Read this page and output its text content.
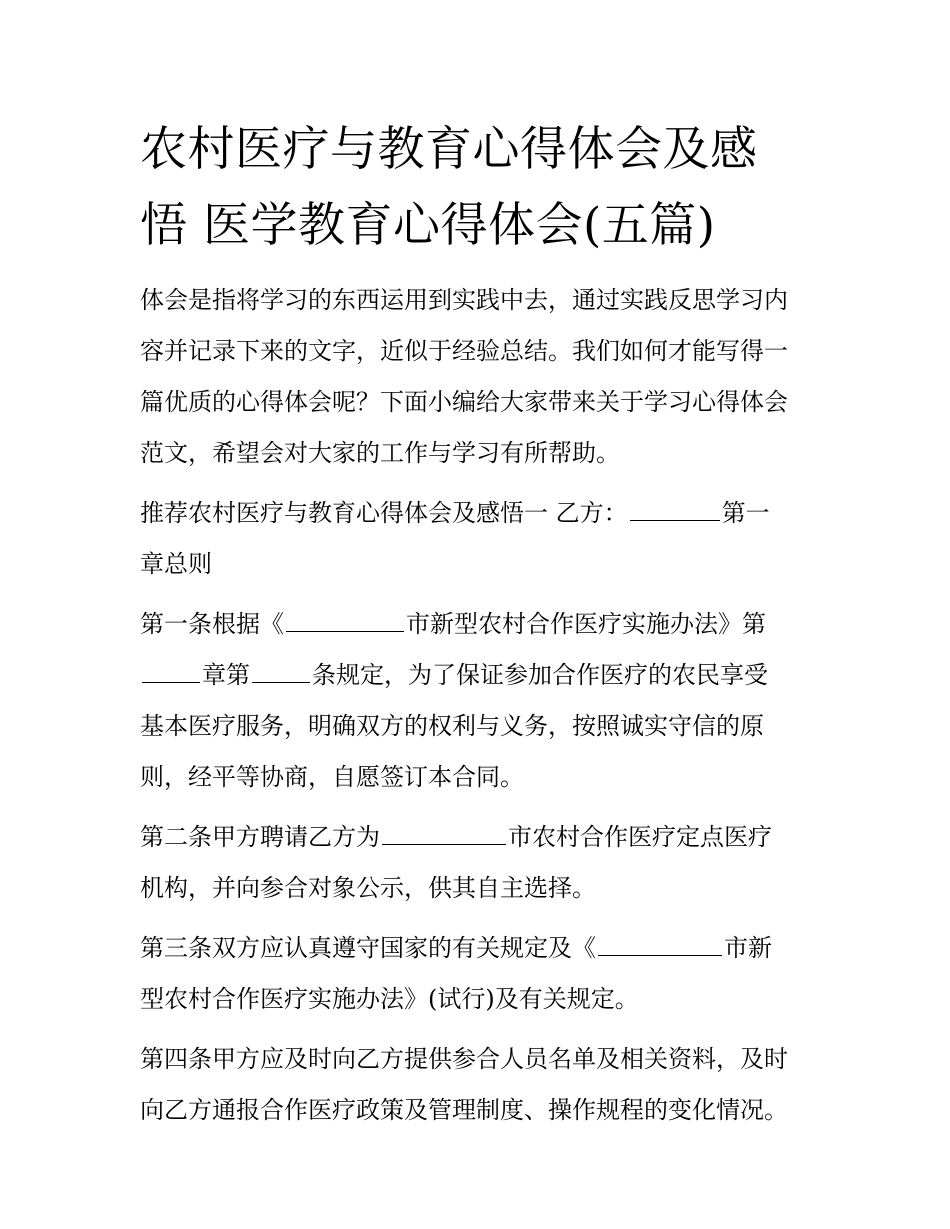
农村医疗与教育心得体会及感
悟 医学教育心得体会(五篇)

体会是指将学习的东西运用到实践中去，通过实践反思学习内
容并记录下来的文字，近似于经验总结。我们如何才能写得一
篇优质的心得体会呢？下面小编给大家带来关于学习心得体会
范文，希望会对大家的工作与学习有所帮助。

推荐农村医疗与教育心得体会及感悟一 乙方：	第一
章总则

第一条根据《	市新型农村合作医疗实施办法》第
章第	条规定，为了保证参加合作医疗的农民享受
基本医疗服务，明确双方的权利与义务，按照诚实守信的原
则，经平等协商，自愿签订本合同。

第二条甲方聘请乙方为	市农村合作医疗定点医疗
机构，并向参合对象公示，供其自主选择。

第三条双方应认真遵守国家的有关规定及《	市新
型农村合作医疗实施办法》(试行)及有关规定。

第四条甲方应及时向乙方提供参合人员名单及相关资料，及时
向乙方通报合作医疗政策及管理制度、操作规程的变化情况。
